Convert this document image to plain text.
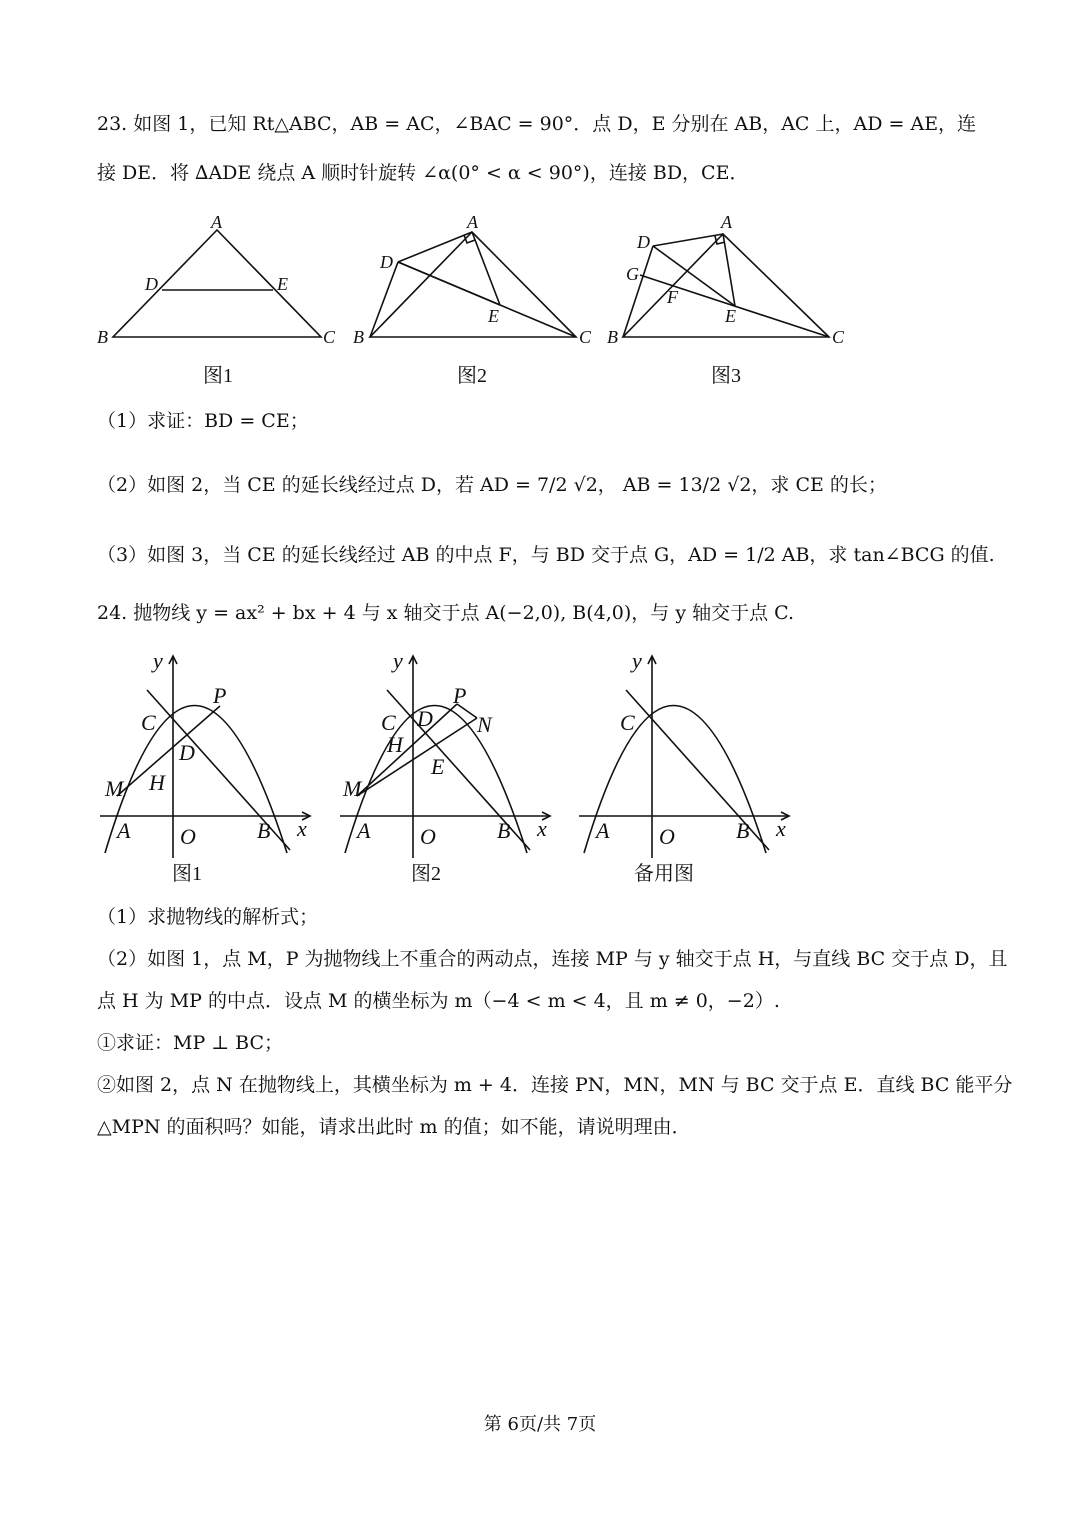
23. 如图 1，已知 Rt△ABC，AB = AC，∠BAC = 90°．点 D，E 分别在 AB，AC 上，AD = AE，连
接 DE．将 ∆ADE 绕点 A 顺时针旋转 ∠α(0° < α < 90°)，连接 BD，CE．
A
D	E
B	C
图1
A
D
E
B	C
图2
A
D
G
F
E
B	C
图3
（1）求证：BD = CE；
（2）如图 2，当 CE 的延长线经过点 D，若 AD = 7/2 √2， AB = 13/2 √2，求 CE 的长；
（3）如图 3，当 CE 的延长线经过 AB 的中点 F，与 BD 交于点 G，AD = 1/2 AB，求 tan∠BCG 的值.
24. 抛物线 y = ax² + bx + 4 与 x 轴交于点 A(−2,0), B(4,0)，与 y 轴交于点 C.
y
P
C
D
M H
A O	B x
图1
y
P
C D N
H
E
M
A O	B x
图2
y
C
A O	B x
备用图
（1）求抛物线的解析式；
（2）如图 1，点 M，P 为抛物线上不重合的两动点，连接 MP 与 y 轴交于点 H，与直线 BC 交于点 D，且
点 H 为 MP 的中点．设点 M 的横坐标为 m（−4 < m < 4，且 m ≠ 0，−2）.
①求证：MP ⊥ BC；
②如图 2，点 N 在抛物线上，其横坐标为 m + 4．连接 PN，MN，MN 与 BC 交于点 E．直线 BC 能平分
△MPN 的面积吗？如能，请求出此时 m 的值；如不能，请说明理由．
第 6页/共 7页
